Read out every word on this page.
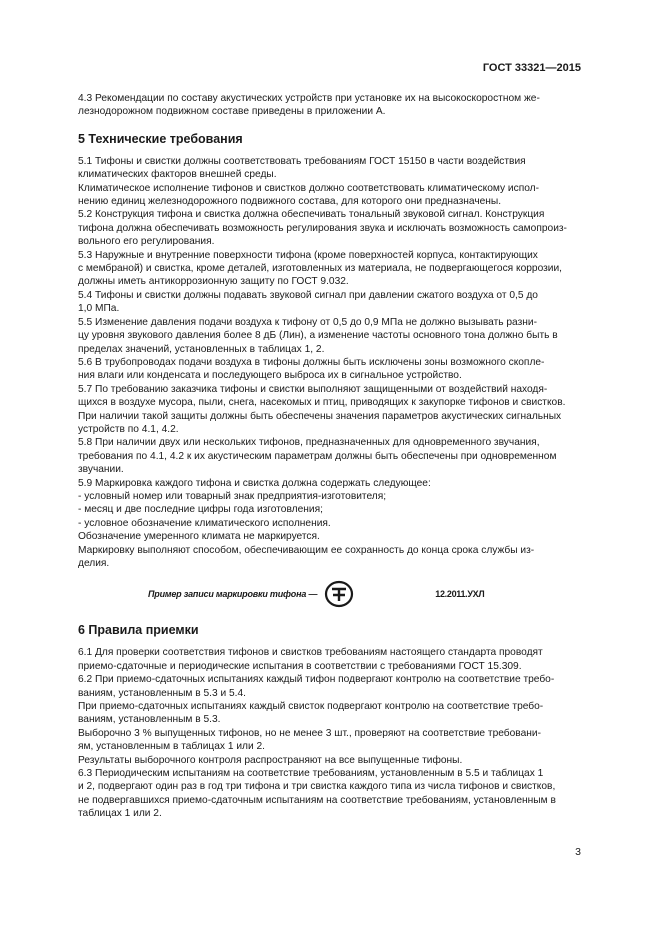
ГОСТ 33321—2015

4.3 Рекомендации по составу акустических устройств при установке их на высокоскоростном же-

лезнодорожном подвижном составе приведены в приложении А.

5 Технические требования

5.1 Тифоны и свистки должны соответствовать требованиям ГОСТ 15150 в части воздействия

климатических факторов внешней среды.

Климатическое исполнение тифонов и свистков должно соответствовать климатическому испол-

нению единиц железнодорожного подвижного состава, для которого они предназначены.

5.2 Конструкция тифона и свистка должна обеспечивать тональный звуковой сигнал. Конструкция

тифона должна обеспечивать возможность регулирования звука и исключать возможность самопроиз-

вольного его регулирования.

5.3 Наружные и внутренние поверхности тифона (кроме поверхностей корпуса, контактирующих

с мембраной) и свистка, кроме деталей, изготовленных из материала, не подвергающегося коррозии,

должны иметь антикоррозионную защиту по ГОСТ 9.032.

5.4 Тифоны и свистки должны подавать звуковой сигнал при давлении сжатого воздуха от 0,5 до

1,0 МПа.

5.5 Изменение давления подачи воздуха к тифону от 0,5 до 0,9 МПа не должно вызывать разни-

цу уровня звукового давления более 8 дБ (Лин), а изменение частоты основного тона должно быть в

пределах значений, установленных в таблицах 1, 2.

5.6 В трубопроводах подачи воздуха в тифоны должны быть исключены зоны возможного скопле-

ния влаги или конденсата и последующего выброса их в сигнальное устройство.

5.7 По требованию заказчика тифоны и свистки выполняют защищенными от воздействий находя-

щихся в воздухе мусора, пыли, снега, насекомых и птиц, приводящих к закупорке тифонов и свистков.

При наличии такой защиты должны быть обеспечены значения параметров акустических сигнальных

устройств по 4.1, 4.2.

5.8 При наличии двух или нескольких тифонов, предназначенных для одновременного звучания,

требования по 4.1, 4.2 к их акустическим параметрам должны быть обеспечены при одновременном

звучании.

5.9 Маркировка каждого тифона и свистка должна содержать следующее:

- условный номер или товарный знак предприятия-изготовителя;

- месяц и две последние цифры года изготовления;

- условное обозначение климатического исполнения.

Обозначение умеренного климата не маркируется.

Маркировку выполняют способом, обеспечивающим ее сохранность до конца срока службы из-

делия.

Пример записи маркировки тифона —	12.2011.УХЛ
6 Правила приемки

6.1 Для проверки соответствия тифонов и свистков требованиям настоящего стандарта проводят

приемо-сдаточные и периодические испытания в соответствии с требованиями ГОСТ 15.309.

6.2 При приемо-сдаточных испытаниях каждый тифон подвергают контролю на соответствие требо-

ваниям, установленным в 5.3 и 5.4.

При приемо-сдаточных испытаниях каждый свисток подвергают контролю на соответствие требо-

ваниям, установленным в 5.3.

Выборочно 3 % выпущенных тифонов, но не менее 3 шт., проверяют на соответствие требовани-

ям, установленным в таблицах 1 или 2.

Результаты выборочного контроля распространяют на все выпущенные тифоны.

6.3 Периодическим испытаниям на соответствие требованиям, установленным в 5.5 и таблицах 1

и 2, подвергают один раз в год три тифона и три свистка каждого типа из числа тифонов и свистков,

не подвергавшихся приемо-сдаточным испытаниям на соответствие требованиям, установленным в

таблицах 1 или 2.

3
